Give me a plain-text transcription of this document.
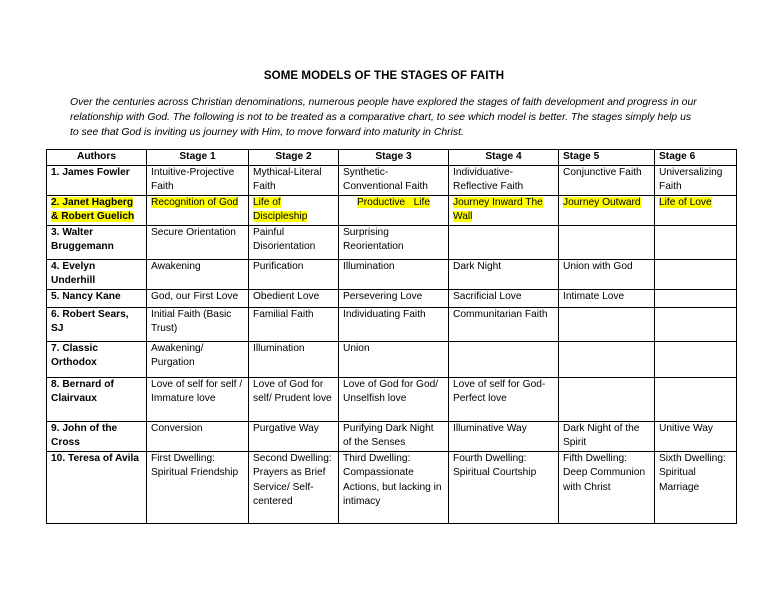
SOME MODELS OF THE STAGES OF FAITH
Over the centuries across Christian denominations, numerous people have explored the stages of faith development and progress in our relationship with God. The following is not to be treated as a comparative chart, to see which model is better. The stages simply help us to see that God is inviting us journey with Him, to move forward into maturity in Christ.
Authors	Stage 1	Stage 2	Stage 3	Stage 4	Stage 5	Stage 6
1. James Fowler	Intuitive-Projective Faith	Mythical-Literal Faith	Synthetic-Conventional Faith	Individuative-Reflective Faith	Conjunctive Faith	Universalizing Faith
2. Janet Hagberg & Robert Guelich	Recognition of God	Life of Discipleship	Productive   Life	Journey Inward The Wall	Journey Outward	Life of Love
3. Walter Bruggemann	Secure Orientation	Painful Disorientation	Surprising Reorientation			
4. Evelyn Underhill	Awakening	Purification	Illumination	Dark Night	Union with God	
5. Nancy Kane	God, our First Love	Obedient Love	Persevering Love	Sacrificial Love	Intimate Love	
6. Robert Sears, SJ	Initial Faith (Basic Trust)	Familial Faith	Individuating Faith	Communitarian Faith		
7. Classic Orthodox	Awakening/ Purgation	Illumination	Union			
8. Bernard of Clairvaux	Love of self for self / Immature love	Love of God for self/ Prudent love	Love of God for God/ Unselfish love	Love of self for God- Perfect love		
9. John of the Cross	Conversion	Purgative Way	Purifying Dark Night of the Senses	Illuminative Way	Dark Night of the Spirit	Unitive Way
10. Teresa of Avila	First Dwelling: Spiritual Friendship	Second Dwelling: Prayers as Brief Service/ Self-centered	Third Dwelling: Compassionate Actions, but lacking in intimacy	Fourth Dwelling: Spiritual Courtship	Fifth Dwelling: Deep Communion with Christ	Sixth Dwelling: Spiritual Marriage
